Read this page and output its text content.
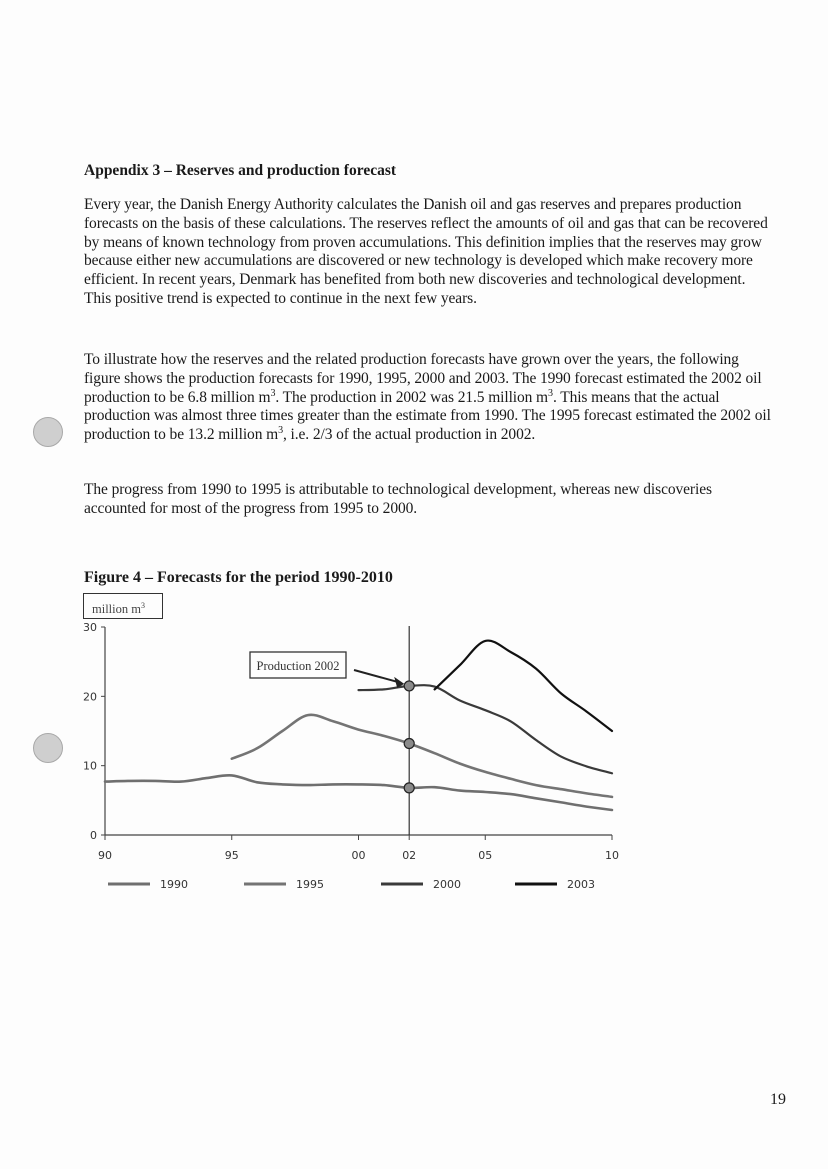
Appendix 3 – Reserves and production forecast

Every year, the Danish Energy Authority calculates the Danish oil and gas reserves and prepares production forecasts on the basis of these calculations. The reserves reflect the amounts of oil and gas that can be recovered by means of known technology from proven accumulations. This definition implies that the reserves may grow because either new accumulations are discovered or new technology is developed which make recovery more efficient. In recent years, Denmark has benefited from both new discoveries and technological development. This positive trend is expected to continue in the next few years.

To illustrate how the reserves and the related production forecasts have grown over the years, the following figure shows the production forecasts for 1990, 1995, 2000 and 2003. The 1990 forecast estimated the 2002 oil production to be 6.8 million $m^3$. The production in 2002 was 21.5 million $m^3$. This means that the actual production was almost three times greater than the estimate from 1990. The 1995 forecast estimated the 2002 oil production to be 13.2 million $m^3$, i.e. 2/3 of the actual production in 2002.

The progress from 1990 to 1995 is attributable to technological development, whereas new discoveries accounted for most of the progress from 1995 to 2000.

Figure 4 – Forecasts for the period 1990-2010
million $m^3$
0
10
20
30
90	95	00	02	05	10
Production 2002
1990	1995	2000	2003
19
